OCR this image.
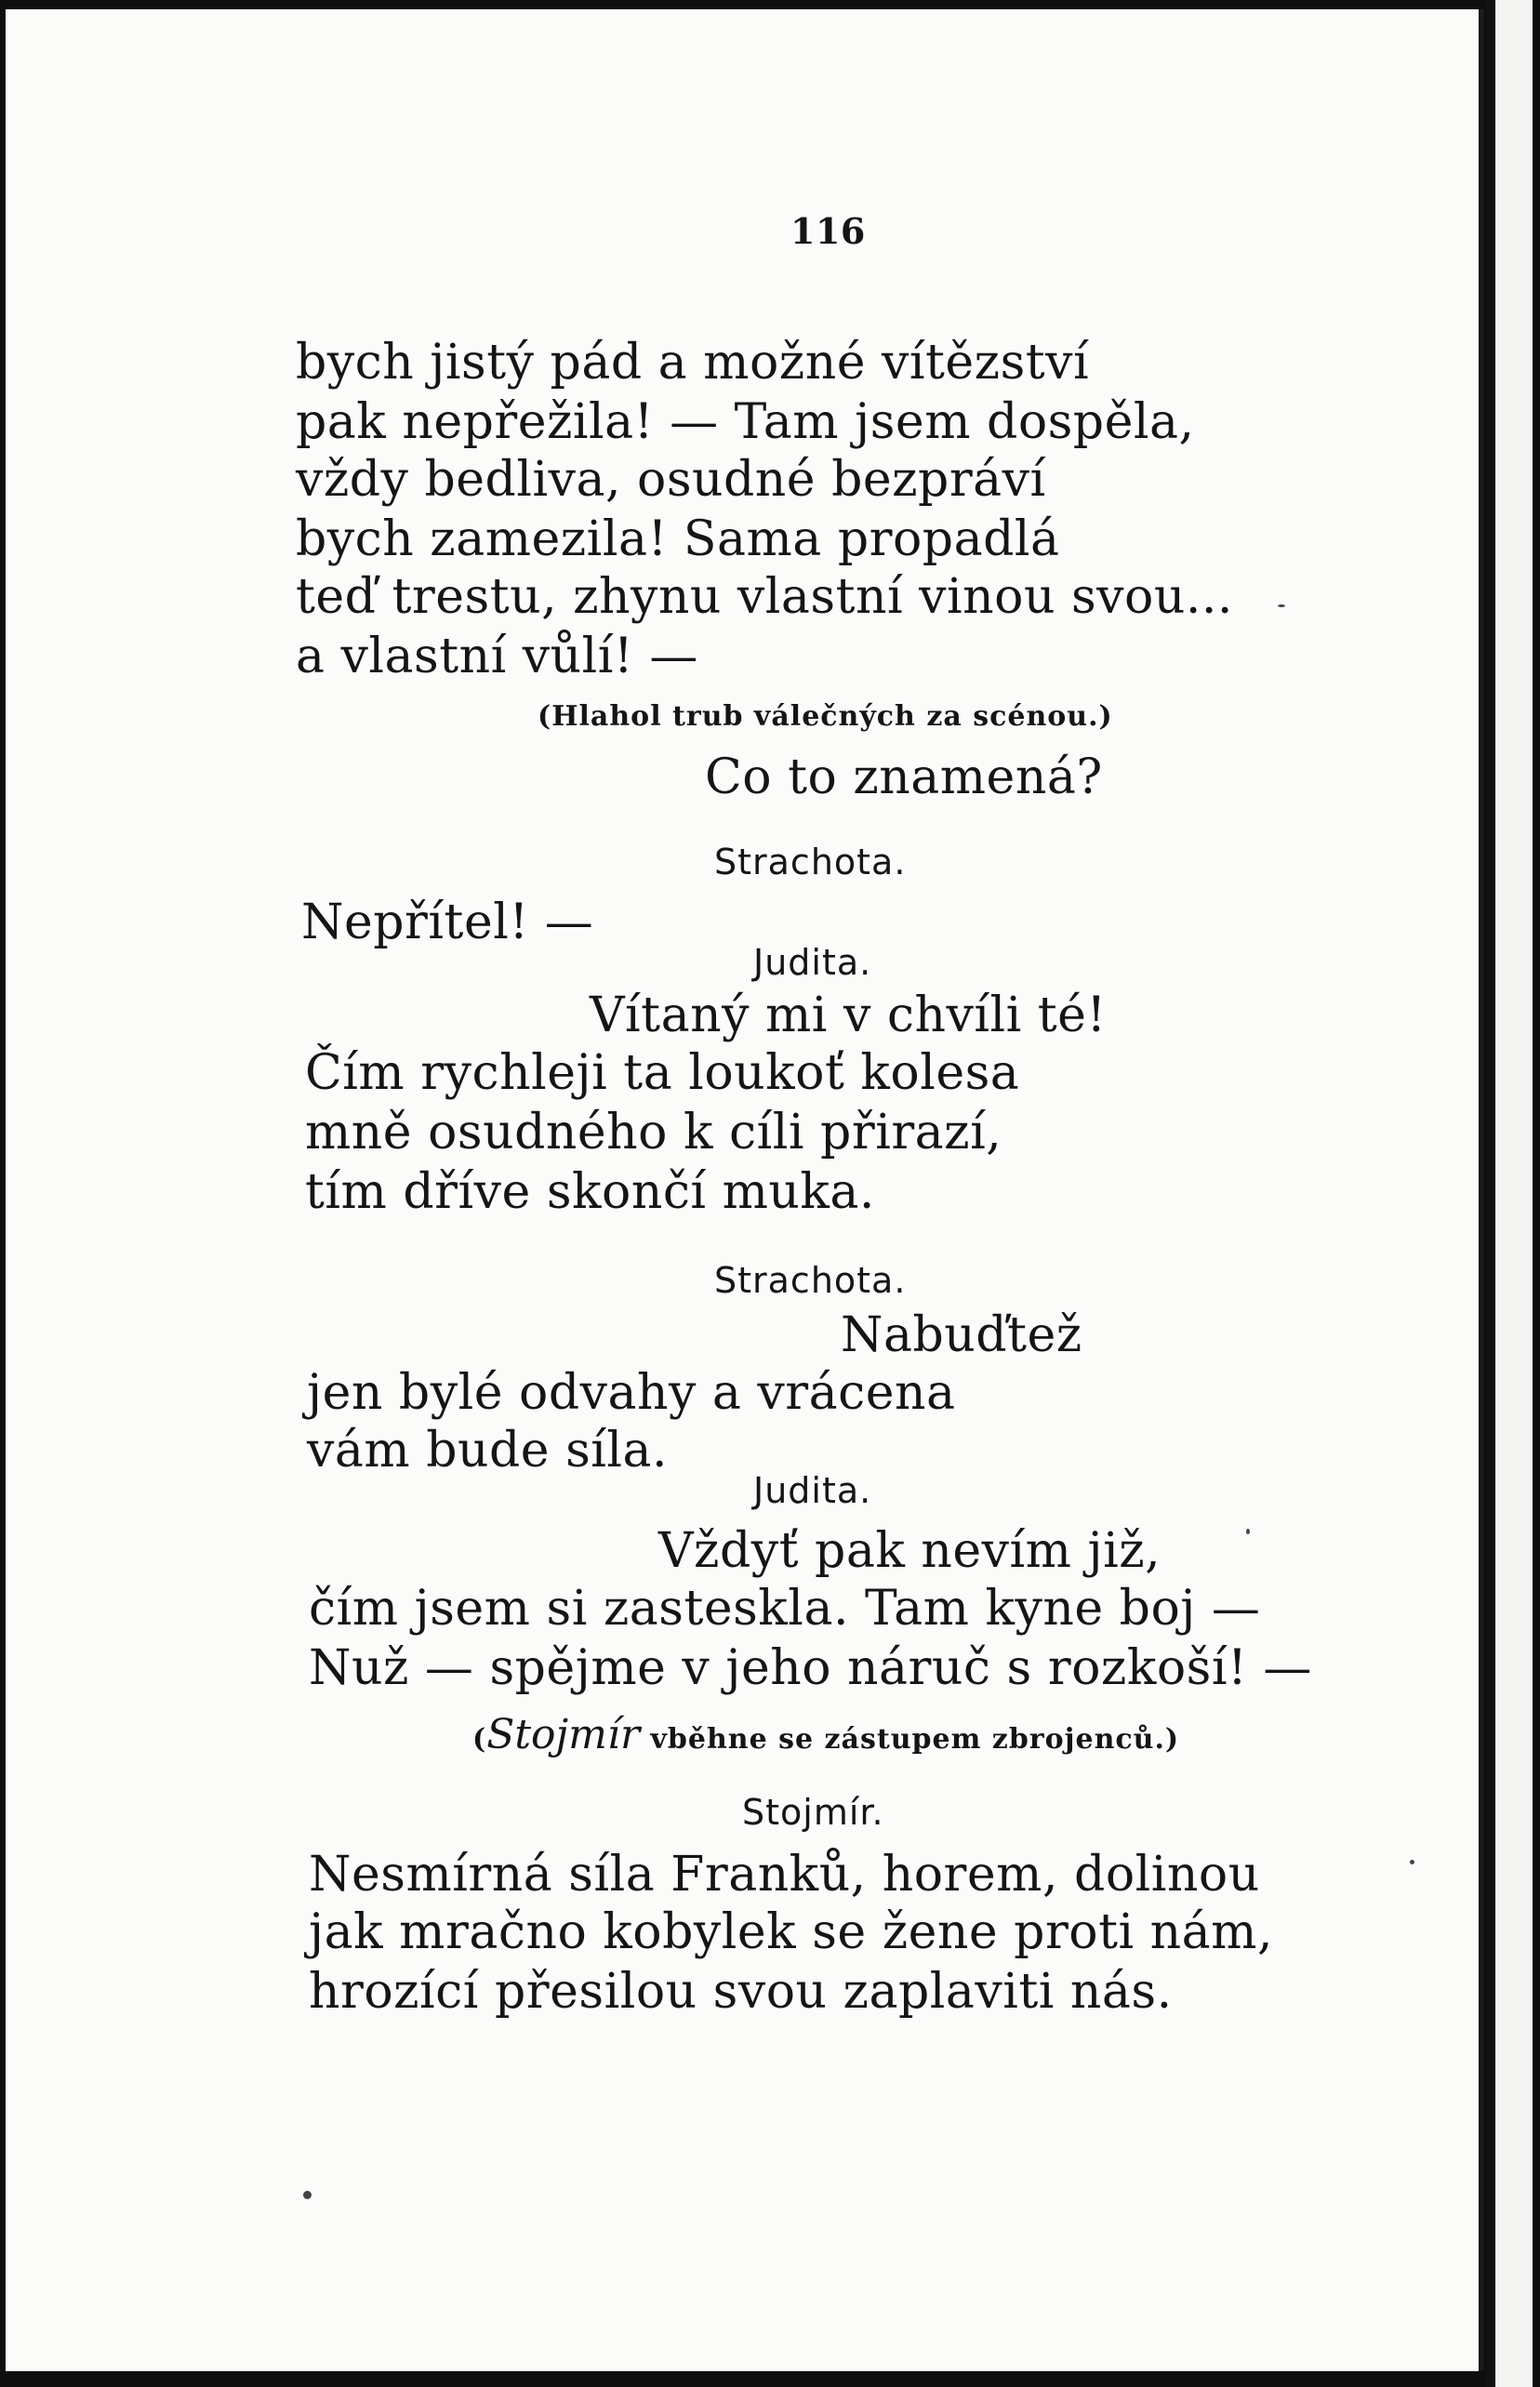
116
bych jistý pád a možné vítězství
pak nepřežila! — Tam jsem dospěla,
vždy bedliva, osudné bezpráví
bych zamezila! Sama propadlá
teď trestu, zhynu vlastní vinou svou...
a vlastní vůlí! —
(Hlahol trub válečných za scénou.)
Co to znamená?
Strachota.
Nepřítel! —
Judita.
Vítaný mi v chvíli té!
Čím rychleji ta loukoť kolesa
mně osudného k cíli přirazí,
tím dříve skončí muka.
Strachota.
Nabuďtež
jen bylé odvahy a vrácena
vám bude síla.
Judita.
Vždyť pak nevím již,
čím jsem si zasteskla. Tam kyne boj —
Nuž — spějme v jeho náruč s rozkoší! —
(Stojmír vběhne se zástupem zbrojenců.)
Stojmír.
Nesmírná síla Franků, horem, dolinou
jak mračno kobylek se žene proti nám,
hrozící přesilou svou zaplaviti nás.
